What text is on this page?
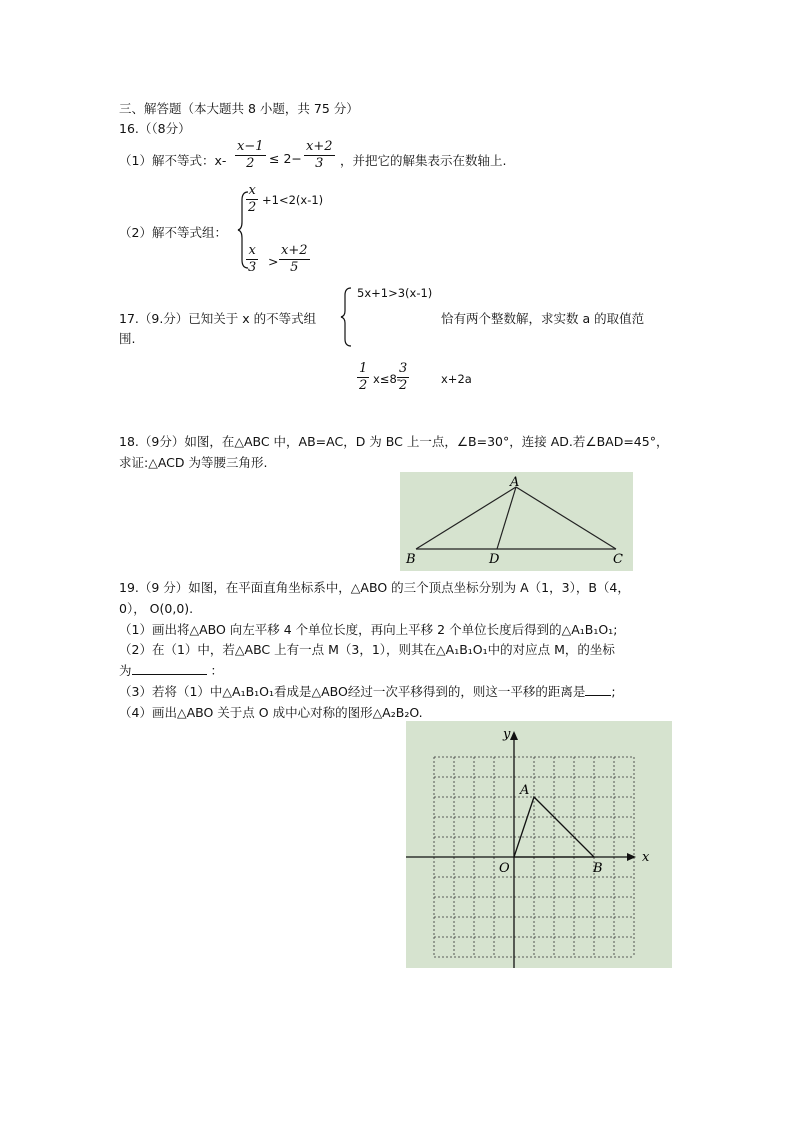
三、解答题（本大题共 8 小题，共 75 分）
16.（（8分）
（1）解不等式：$x- \frac{x-1}{2} \le 2- \frac{x+2}{3}$ ，并把它的解集表示在数轴上.
（2）解不等式组：
$\frac{x}{2} +1<2(x-1)$
$\frac{x}{3} > \frac{x+2}{5}$
5x+1>3(x-1)
17.（9.分）已知关于 x 的不等式组	恰有两个整数解，求实数 a 的取值范
围.
$\frac{1}{2} x\le 8-$
$\frac{3}{2}$	x+2a
18.（9分）如图，在△ABC 中，AB=AC，D 为 BC 上一点，∠B=30°，连接 AD.若∠BAD=45°，
求证:△ACD 为等腰三角形.
A
B	C
D
19.（9 分）如图，在平面直角坐标系中，△ABO 的三个顶点坐标分别为 A（1，3），B（4，
0）， O(0,0).
（1）画出将△ABO 向左平移 4 个单位长度，再向上平移 2 个单位长度后得到的△A₁B₁O₁;
（2）在（1）中，若△ABC 上有一点 M（3，1），则其在△A₁B₁O₁中的对应点 M，的坐标
为	：
（3）若将（1）中△A₁B₁O₁看成是△ABO经过一次平移得到的，则这一平移的距离是 ;
（4）画出△ABO 关于点 O 成中心对称的图形△A₂B₂O.
y
x
A
O	B
